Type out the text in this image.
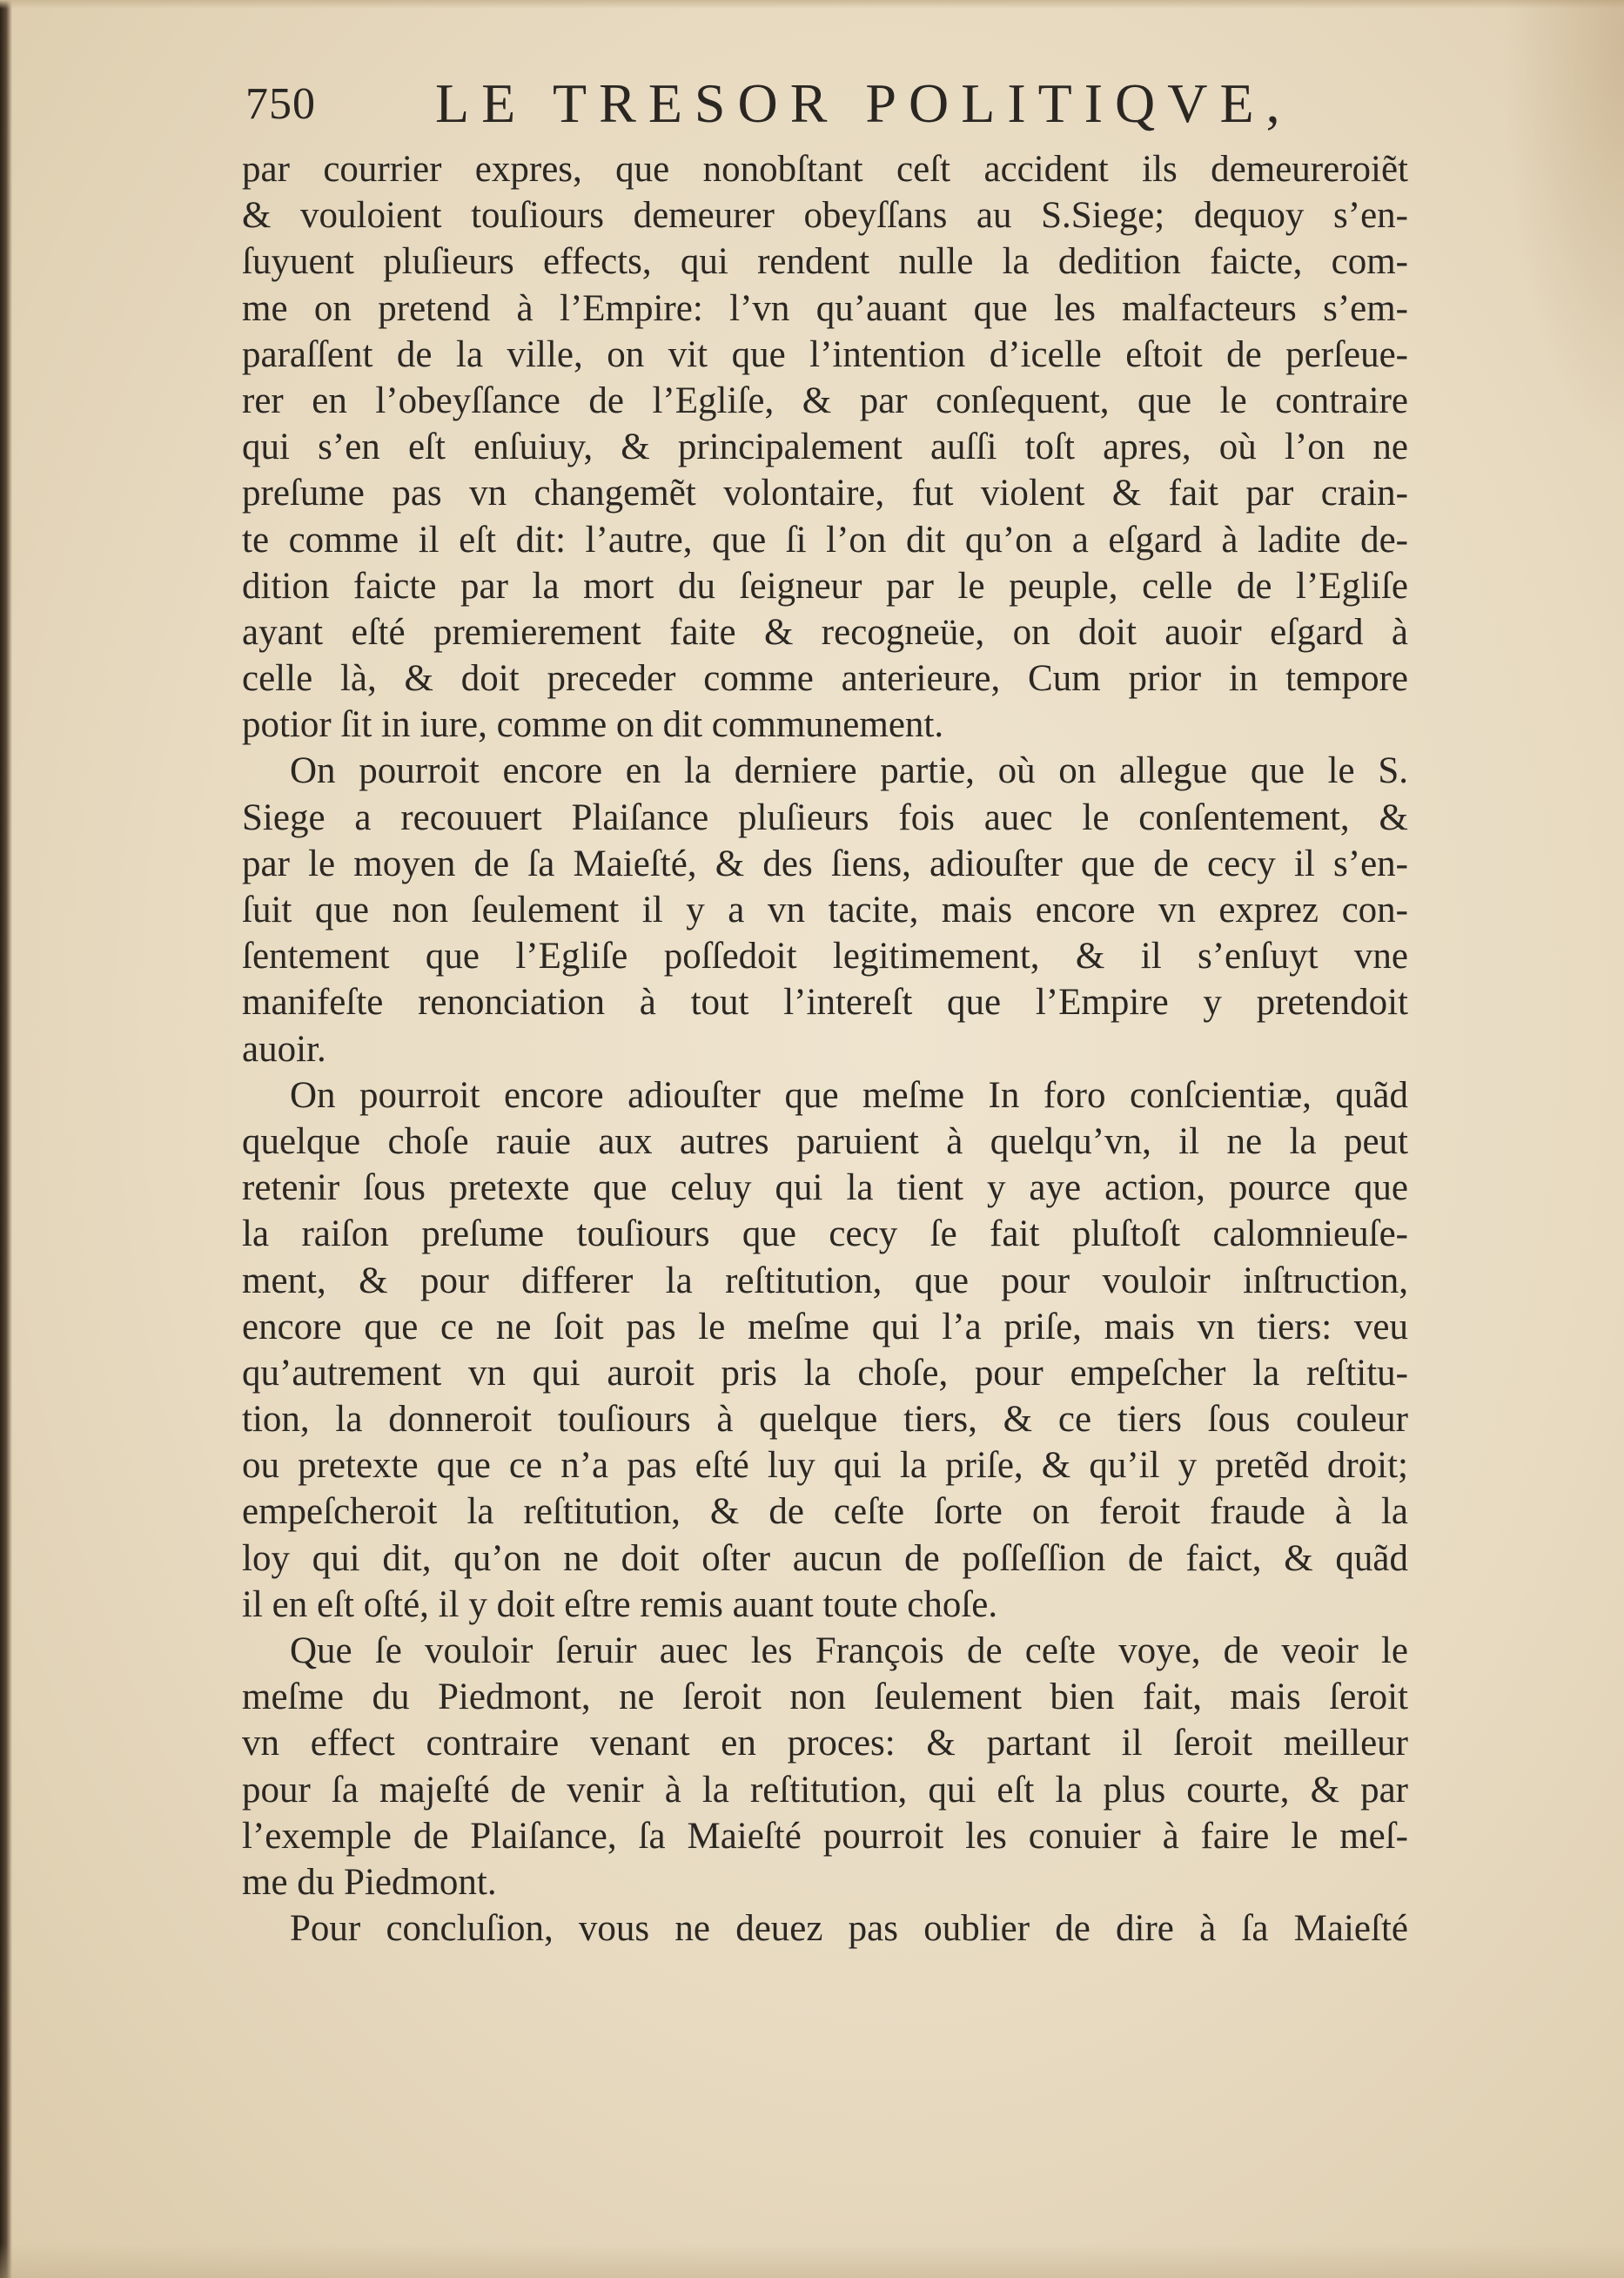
750 LE TRESOR POLITIQVE,
par courrier expres, que nonobſtant ceſt accident ils demeureroiẽt
& vouloient touſiours demeurer obeyſſans au S.Siege; dequoy s’en-
ſuyuent pluſieurs effects, qui rendent nulle la dedition faicte, com-
me on pretend à l’Empire: l’vn qu’auant que les malfacteurs s’em-
paraſſent de la ville, on vit que l’intention d’icelle eſtoit de perſeue-
rer en l’obeyſſance de l’Egliſe, & par conſequent, que le contraire
qui s’en eſt enſuiuy, & principalement auſſi toſt apres, où l’on ne
preſume pas vn changemẽt volontaire, fut violent & fait par crain-
te comme il eſt dit: l’autre, que ſi l’on dit qu’on a eſgard à ladite de-
dition faicte par la mort du ſeigneur par le peuple, celle de l’Egliſe
ayant eſté premierement faite & recogneüe, on doit auoir eſgard à
celle là, & doit preceder comme anterieure, Cum prior in tempore
potior ſit in iure, comme on dit communement.
On pourroit encore en la derniere partie, où on allegue que le S.
Siege a recouuert Plaiſance pluſieurs fois auec le conſentement, &
par le moyen de ſa Maieſté, & des ſiens, adiouſter que de cecy il s’en-
ſuit que non ſeulement il y a vn tacite, mais encore vn exprez con-
ſentement que l’Egliſe poſſedoit legitimement, & il s’enſuyt vne
manifeſte renonciation à tout l’intereſt que l’Empire y pretendoit
auoir.
On pourroit encore adiouſter que meſme In foro conſcientiæ, quãd
quelque choſe rauie aux autres paruient à quelqu’vn, il ne la peut
retenir ſous pretexte que celuy qui la tient y aye action, pource que
la raiſon preſume touſiours que cecy ſe fait pluſtoſt calomnieuſe-
ment, & pour differer la reſtitution, que pour vouloir inſtruction,
encore que ce ne ſoit pas le meſme qui l’a priſe, mais vn tiers: veu
qu’autrement vn qui auroit pris la choſe, pour empeſcher la reſtitu-
tion, la donneroit touſiours à quelque tiers, & ce tiers ſous couleur
ou pretexte que ce n’a pas eſté luy qui la priſe, & qu’il y pretẽd droit;
empeſcheroit la reſtitution, & de ceſte ſorte on feroit fraude à la
loy qui dit, qu’on ne doit oſter aucun de poſſeſſion de faict, & quãd
il en eſt oſté, il y doit eſtre remis auant toute choſe.
Que ſe vouloir ſeruir auec les François de ceſte voye, de veoir le
meſme du Piedmont, ne ſeroit non ſeulement bien fait, mais ſeroit
vn effect contraire venant en proces: & partant il ſeroit meilleur
pour ſa majeſté de venir à la reſtitution, qui eſt la plus courte, & par
l’exemple de Plaiſance, ſa Maieſté pourroit les conuier à faire le meſ-
me du Piedmont.
Pour concluſion, vous ne deuez pas oublier de dire à ſa Maieſté
